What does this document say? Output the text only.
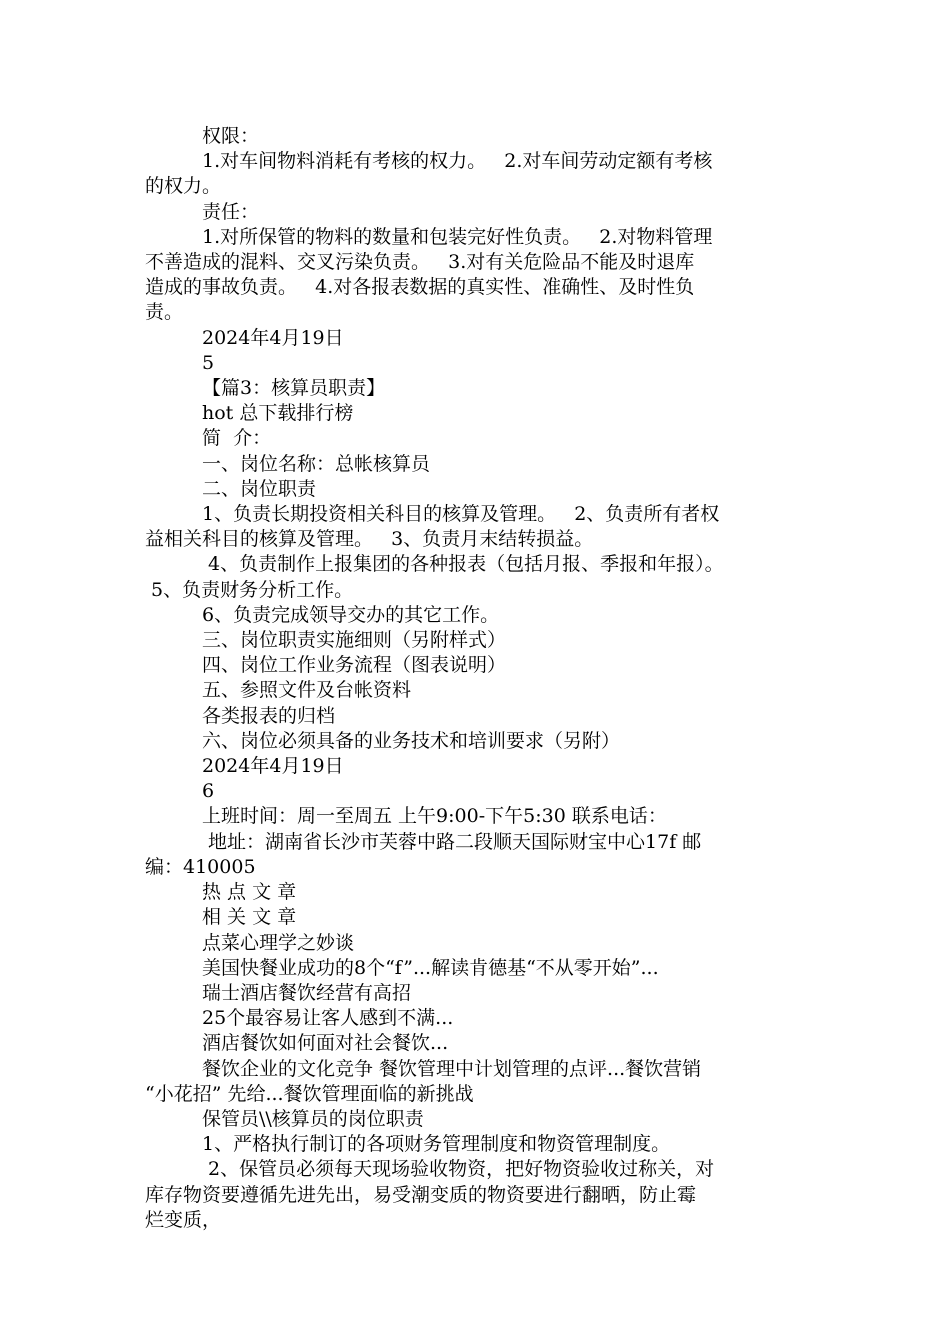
权限：
1.对车间物料消耗有考核的权力。   2.对车间劳动定额有考核
的权力。
责任：
1.对所保管的物料的数量和包装完好性负责。   2.对物料管理
不善造成的混料、交叉污染负责。   3.对有关危险品不能及时退库
造成的事故负责。   4.对各报表数据的真实性、准确性、及时性负
责。
2024年4月19日
5
【篇3：核算员职责】
hot 总下载排行榜
简  介：
一、岗位名称：总帐核算员
二、岗位职责
1、负责长期投资相关科目的核算及管理。   2、负责所有者权
益相关科目的核算及管理。   3、负责月末结转损益。
4、负责制作上报集团的各种报表（包括月报、季报和年报）。
5、负责财务分析工作。
6、负责完成领导交办的其它工作。
三、岗位职责实施细则（另附样式）
四、岗位工作业务流程（图表说明）
五、参照文件及台帐资料
各类报表的归档
六、岗位必须具备的业务技术和培训要求（另附）
2024年4月19日
6
上班时间：周一至周五 上午9:00-下午5:30 联系电话：
地址：湖南省长沙市芙蓉中路二段顺天国际财宝中心17f 邮
编：410005
热 点 文 章
相 关 文 章
点菜心理学之妙谈
美国快餐业成功的8个“f”...解读肯德基“不从零开始”...
瑞士酒店餐饮经营有高招
25个最容易让客人感到不满...
酒店餐饮如何面对社会餐饮...
餐饮企业的文化竞争 餐饮管理中计划管理的点评...餐饮营销
“小花招” 先给...餐饮管理面临的新挑战
保管员\\核算员的岗位职责
1、严格执行制订的各项财务管理制度和物资管理制度。
2、保管员必须每天现场验收物资，把好物资验收过称关，对
库存物资要遵循先进先出，易受潮变质的物资要进行翻晒，防止霉
烂变质，
